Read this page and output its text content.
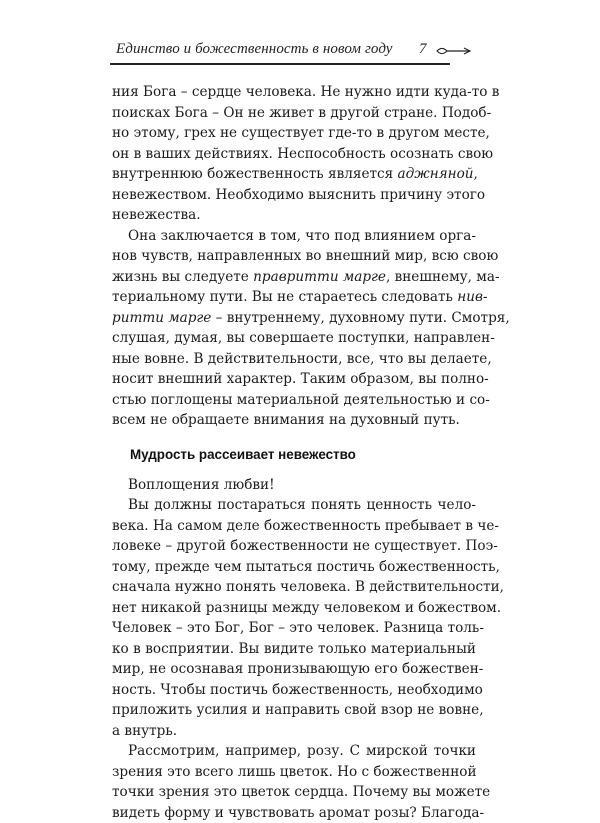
Единство и божественность в новом году 7
ния Бога – сердце человека. Не нужно идти куда-то в
поисках Бога – Он не живет в другой стране. Подоб-
но этому, грех не существует где-то в другом месте,
он в ваших действиях. Неспособность осознать свою
внутреннюю божественность является аджняной,
невежеством. Необходимо выяснить причину этого
невежества.
Она заключается в том, что под влиянием орга-
нов чувств, направленных во внешний мир, всю свою
жизнь вы следуете правритти марге, внешнему, ма-
териальному пути. Вы не стараетесь следовать нив-
ритти марге – внутреннему, духовному пути. Смотря,
слушая, думая, вы совершаете поступки, направлен-
ные вовне. В действительности, все, что вы делаете,
носит внешний характер. Таким образом, вы полно-
стью поглощены материальной деятельностью и со-
всем не обращаете внимания на духовный путь.
Мудрость рассеивает невежество
Воплощения любви!
Вы должны постараться понять ценность чело-
века. На самом деле божественность пребывает в че-
ловеке – другой божественности не существует. Поэ-
тому, прежде чем пытаться постичь божественность,
сначала нужно понять человека. В действительности,
нет никакой разницы между человеком и божеством.
Человек – это Бог, Бог – это человек. Разница толь-
ко в восприятии. Вы видите только материальный
мир, не осознавая пронизывающую его божествен-
ность. Чтобы постичь божественность, необходимо
приложить усилия и направить свой взор не вовне,
а внутрь.
Рассмотрим, например, розу. С мирской точки
зрения это всего лишь цветок. Но с божественной
точки зрения это цветок сердца. Почему вы можете
видеть форму и чувствовать аромат розы? Благода-
